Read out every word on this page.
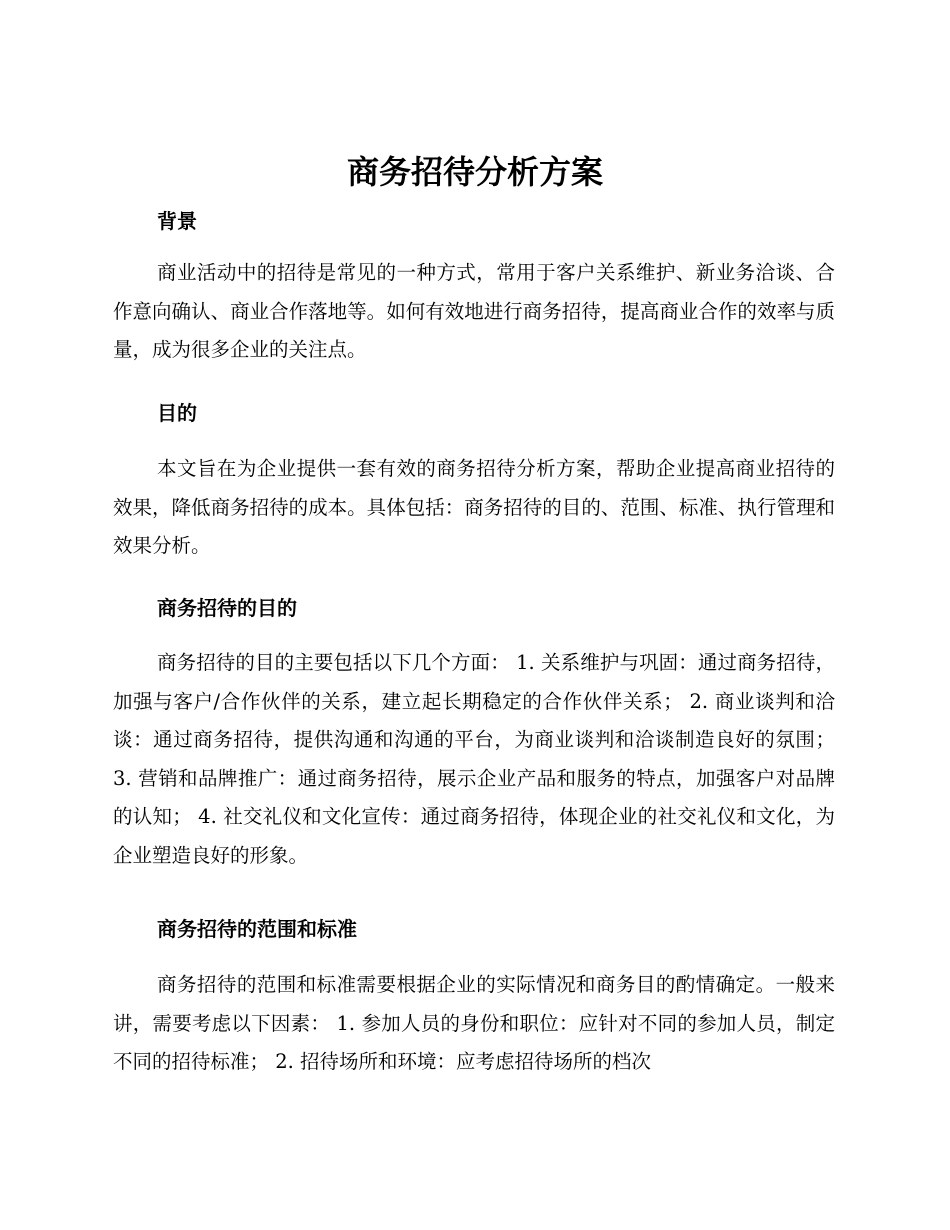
商务招待分析方案
背景

商业活动中的招待是常见的一种方式，常用于客户关系维护、新业务洽谈、合作意向确认、商业合作落地等。如何有效地进行商务招待，提高商业合作的效率与质量，成为很多企业的关注点。

目的

本文旨在为企业提供一套有效的商务招待分析方案，帮助企业提高商业招待的效果，降低商务招待的成本。具体包括：商务招待的目的、范围、标准、执行管理和效果分析。

商务招待的目的

商务招待的目的主要包括以下几个方面： 1. 关系维护与巩固：通过商务招待，加强与客户/合作伙伴的关系，建立起长期稳定的合作伙伴关系； 2. 商业谈判和洽谈：通过商务招待，提供沟通和沟通的平台，为商业谈判和洽谈制造良好的氛围； 3. 营销和品牌推广：通过商务招待，展示企业产品和服务的特点，加强客户对品牌的认知； 4. 社交礼仪和文化宣传：通过商务招待，体现企业的社交礼仪和文化，为企业塑造良好的形象。

商务招待的范围和标准

商务招待的范围和标准需要根据企业的实际情况和商务目的酌情确定。一般来讲，需要考虑以下因素： 1. 参加人员的身份和职位：应针对不同的参加人员，制定不同的招待标准； 2. 招待场所和环境：应考虑招待场所的档次
